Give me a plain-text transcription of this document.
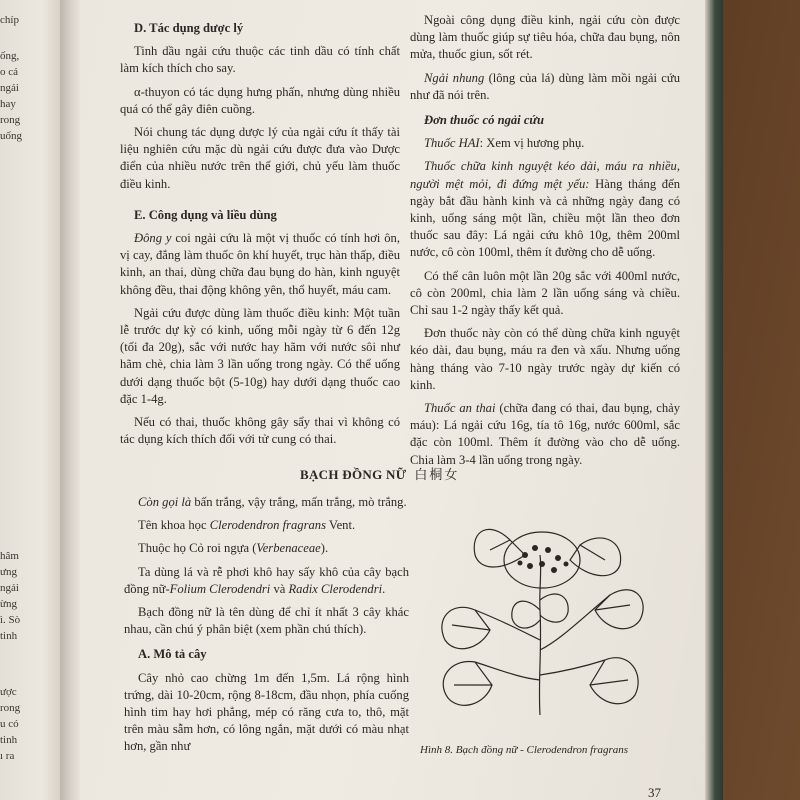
chíp
ống,
o cá
ngải
hay
rong
uống
hâm
ưng
ngải
ừng
ì. Sò
tinh
ược
rong
u có
tinh
ı ra
D. Tác dụng dược lý

Tinh dầu ngải cứu thuộc các tinh dầu có tính chất làm kích thích cho say.

α-thuyon có tác dụng hưng phấn, nhưng dùng nhiều quá có thể gây điên cuồng.

Nói chung tác dụng dược lý của ngải cứu ít thấy tài liệu nghiên cứu mặc dù ngải cứu được đưa vào Dược điển của nhiều nước trên thế giới, chủ yếu làm thuốc điều kinh.

E. Công dụng và liều dùng

Đông y coi ngải cứu là một vị thuốc có tính hơi ôn, vị cay, đắng làm thuốc ôn khí huyết, trục hàn thấp, điều kinh, an thai, dùng chữa đau bụng do hàn, kinh nguyệt không đều, thai động không yên, thổ huyết, máu cam.

Ngải cứu được dùng làm thuốc điều kinh: Một tuần lễ trước dự kỳ có kinh, uống mỗi ngày từ 6 đến 12g (tối đa 20g), sắc với nước hay hãm với nước sôi như hãm chè, chia làm 3 lần uống trong ngày. Có thể uống dưới dạng thuốc bột (5-10g) hay dưới dạng thuốc cao đặc 1-4g.

Nếu có thai, thuốc không gây sẩy thai vì không có tác dụng kích thích đối với tử cung có thai.

Ngoài công dụng điều kinh, ngải cứu còn được dùng làm thuốc giúp sự tiêu hóa, chữa đau bụng, nôn mửa, thuốc giun, sốt rét.

Ngải nhung (lông của lá) dùng làm mồi ngải cứu như đã nói trên.

Đơn thuốc có ngải cứu

Thuốc HAI: Xem vị hương phụ.

Thuốc chữa kinh nguyệt kéo dài, máu ra nhiều, người mệt mỏi, đi đứng mệt yếu: Hàng tháng đến ngày bắt đầu hành kinh và cả những ngày đang có kinh, uống sáng một lần, chiều một lần theo đơn thuốc sau đây: Lá ngải cứu khô 10g, thêm 200ml nước, cô còn 100ml, thêm ít đường cho dễ uống.

Có thể cân luôn một lần 20g sắc với 400ml nước, cô còn 200ml, chia làm 2 lần uống sáng và chiều. Chỉ sau 1-2 ngày thấy kết quả.

Đơn thuốc này còn có thể dùng chữa kinh nguyệt kéo dài, đau bụng, máu ra đen và xấu. Nhưng uống hàng tháng vào 7-10 ngày trước ngày dự kiến có kinh.

Thuốc an thai (chữa đang có thai, đau bụng, chảy máu): Lá ngải cứu 16g, tía tô 16g, nước 600ml, sắc đặc còn 100ml. Thêm ít đường vào cho dễ uống. Chia làm 3-4 lần uống trong ngày.

BẠCH ĐỒNG NỮ 白桐女

Còn gọi là bấn trắng, vậy trắng, mấn trắng, mò trắng.

Tên khoa học Clerodendron fragrans Vent.

Thuộc họ Cỏ roi ngựa (Verbenaceae).

Ta dùng lá và rễ phơi khô hay sấy khô của cây bạch đồng nữ-Folium Clerodendri và Radix Clerodendri.

Bạch đồng nữ là tên dùng để chỉ ít nhất 3 cây khác nhau, cần chú ý phân biệt (xem phần chú thích).

A. Mô tả cây

Cây nhỏ cao chừng 1m đến 1,5m. Lá rộng hình trứng, dài 10-20cm, rộng 8-18cm, đầu nhọn, phía cuống hình tim hay hơi phẳng, mép có răng cưa to, thô, mặt trên màu sẫm hơn, có lông ngắn, mặt dưới có màu nhạt hơn, gần như	Hình 8. Bạch đồng nữ - Clerodendron fragrans
37
